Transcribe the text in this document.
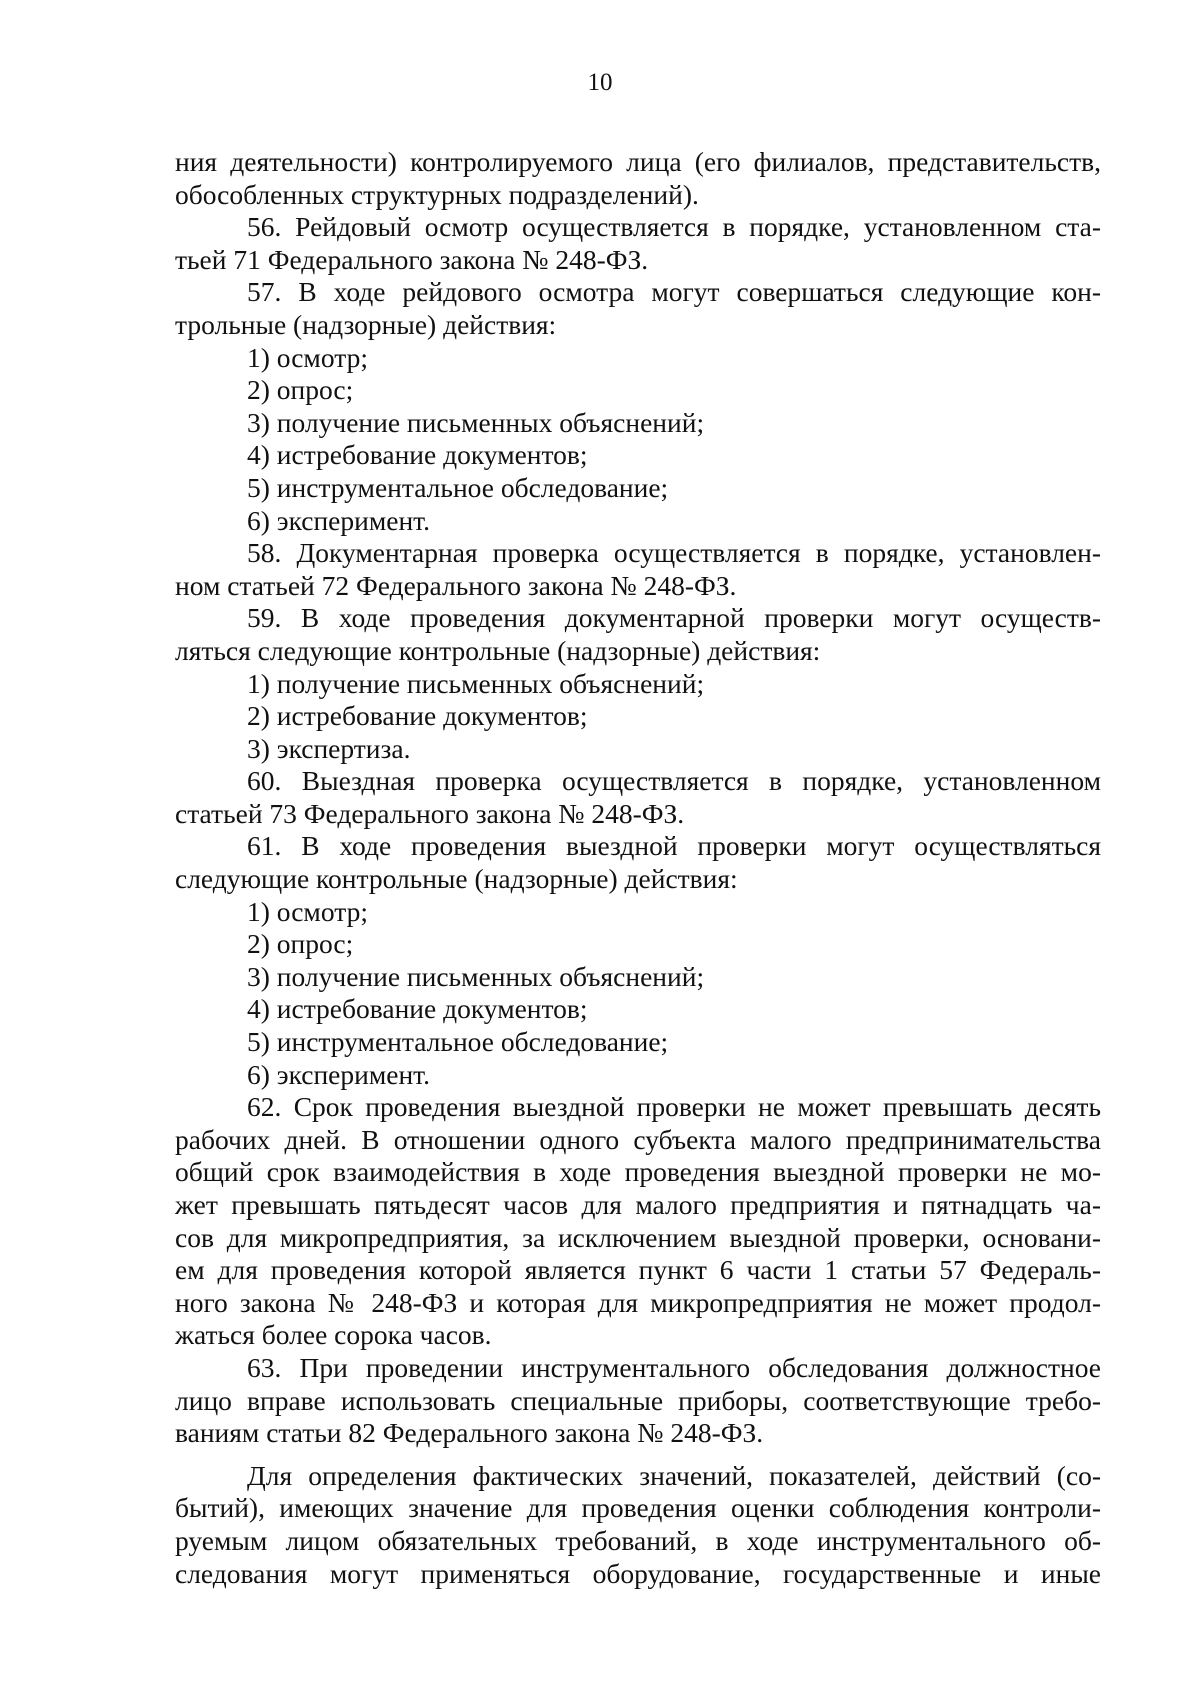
10
ния деятельности) контролируемого лица (его филиалов, представительств,
обособленных структурных подразделений).
56. Рейдовый осмотр осуществляется в порядке, установленном ста-
тьей 71 Федерального закона № 248-ФЗ.
57. В ходе рейдового осмотра могут совершаться следующие кон-
трольные (надзорные) действия:
1) осмотр;
2) опрос;
3) получение письменных объяснений;
4) истребование документов;
5) инструментальное обследование;
6) эксперимент.
58. Документарная проверка осуществляется в порядке, установлен-
ном статьей 72 Федерального закона № 248-ФЗ.
59. В ходе проведения документарной проверки могут осуществ-
ляться следующие контрольные (надзорные) действия:
1) получение письменных объяснений;
2) истребование документов;
3) экспертиза.
60. Выездная проверка осуществляется в порядке, установленном
статьей 73 Федерального закона № 248-ФЗ.
61. В ходе проведения выездной проверки могут осуществляться
следующие контрольные (надзорные) действия:
1) осмотр;
2) опрос;
3) получение письменных объяснений;
4) истребование документов;
5) инструментальное обследование;
6) эксперимент.
62. Срок проведения выездной проверки не может превышать десять
рабочих дней. В отношении одного субъекта малого предпринимательства
общий срок взаимодействия в ходе проведения выездной проверки не мо-
жет превышать пятьдесят часов для малого предприятия и пятнадцать ча-
сов для микропредприятия, за исключением выездной проверки, основани-
ем для проведения которой является пункт 6 части 1 статьи 57 Федераль-
ного закона № 248-ФЗ и которая для микропредприятия не может продол-
жаться более сорока часов.
63. При проведении инструментального обследования должностное
лицо вправе использовать специальные приборы, соответствующие требо-
ваниям статьи 82 Федерального закона № 248-ФЗ.
Для определения фактических значений, показателей, действий (со-
бытий), имеющих значение для проведения оценки соблюдения контроли-
руемым лицом обязательных требований, в ходе инструментального об-
следования могут применяться оборудование, государственные и иные
